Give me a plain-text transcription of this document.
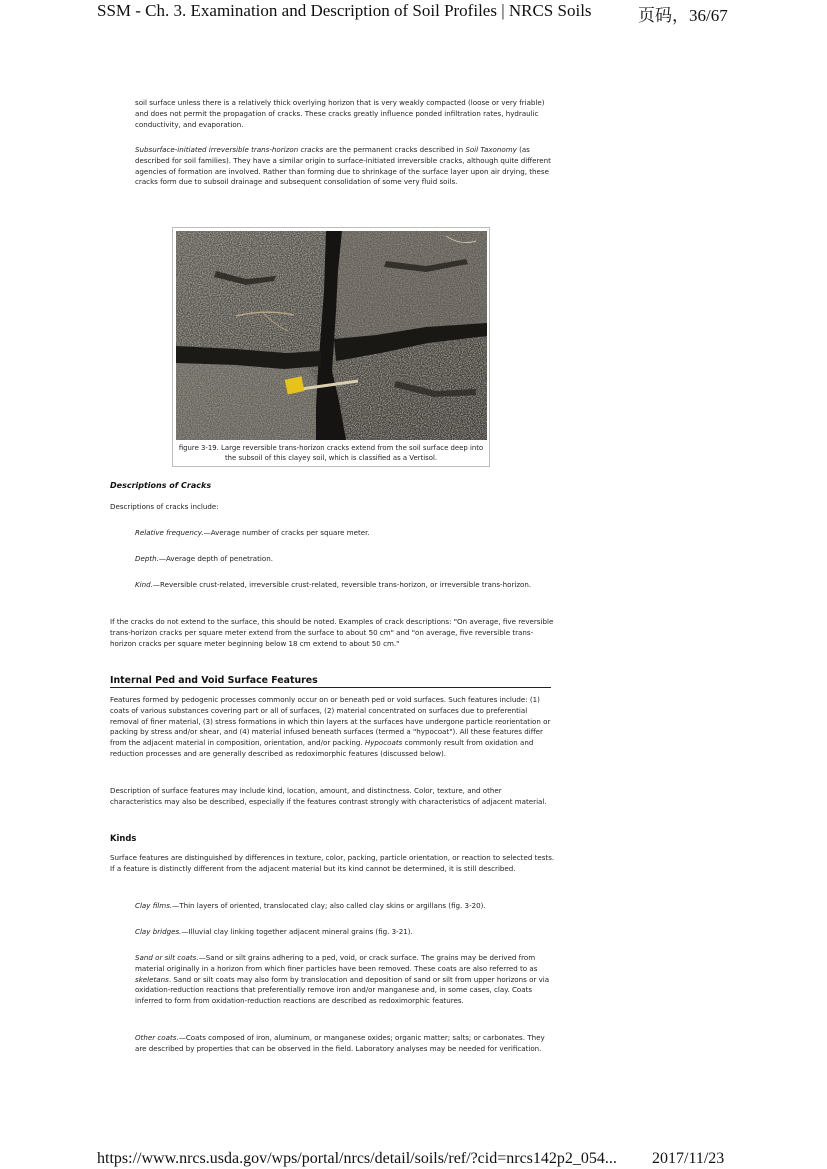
SSM - Ch. 3. Examination and Description of Soil Profiles | NRCS Soils	页码，36/67

soil surface unless there is a relatively thick overlying horizon that is very weakly compacted (loose or very friable) and does not permit the propagation of cracks. These cracks greatly influence ponded infiltration rates, hydraulic conductivity, and evaporation.

Subsurface-initiated irreversible trans-horizon cracks are the permanent cracks described in Soil Taxonomy (as described for soil families). They have a similar origin to surface-initiated irreversible cracks, although quite different agencies of formation are involved. Rather than forming due to shrinkage of the surface layer upon air drying, these cracks form due to subsoil drainage and subsequent consolidation of some very fluid soils.

figure 3-19. Large reversible trans-horizon cracks extend from the soil surface deep into the subsoil of this clayey soil, which is classified as a Vertisol.
Descriptions of Cracks

Descriptions of cracks include:

Relative frequency.—Average number of cracks per square meter.

Depth.—Average depth of penetration.

Kind.—Reversible crust-related, irreversible crust-related, reversible trans-horizon, or irreversible trans-horizon.

If the cracks do not extend to the surface, this should be noted. Examples of crack descriptions: "On average, five reversible trans-horizon cracks per square meter extend from the surface to about 50 cm" and "on average, five reversible trans-horizon cracks per square meter beginning below 18 cm extend to about 50 cm."

Internal Ped and Void Surface Features

Features formed by pedogenic processes commonly occur on or beneath ped or void surfaces. Such features include: (1) coats of various substances covering part or all of surfaces, (2) material concentrated on surfaces due to preferential removal of finer material, (3) stress formations in which thin layers at the surfaces have undergone particle reorientation or packing by stress and/or shear, and (4) material infused beneath surfaces (termed a "hypocoat"). All these features differ from the adjacent material in composition, orientation, and/or packing. Hypocoats commonly result from oxidation and reduction processes and are generally described as redoximorphic features (discussed below).

Description of surface features may include kind, location, amount, and distinctness. Color, texture, and other characteristics may also be described, especially if the features contrast strongly with characteristics of adjacent material.

Kinds

Surface features are distinguished by differences in texture, color, packing, particle orientation, or reaction to selected tests. If a feature is distinctly different from the adjacent material but its kind cannot be determined, it is still described.

Clay films.—Thin layers of oriented, translocated clay; also called clay skins or argillans (fig. 3-20).

Clay bridges.—Illuvial clay linking together adjacent mineral grains (fig. 3-21).

Sand or silt coats.—Sand or silt grains adhering to a ped, void, or crack surface. The grains may be derived from material originally in a horizon from which finer particles have been removed. These coats are also referred to as skeletans. Sand or silt coats may also form by translocation and deposition of sand or silt from upper horizons or via oxidation-reduction reactions that preferentially remove iron and/or manganese and, in some cases, clay. Coats inferred to form from oxidation-reduction reactions are described as redoximorphic features.

Other coats.—Coats composed of iron, aluminum, or manganese oxides; organic matter; salts; or carbonates. They are described by properties that can be observed in the field. Laboratory analyses may be needed for verification.

https://www.nrcs.usda.gov/wps/portal/nrcs/detail/soils/ref/?cid=nrcs142p2_054... 2017/11/23
